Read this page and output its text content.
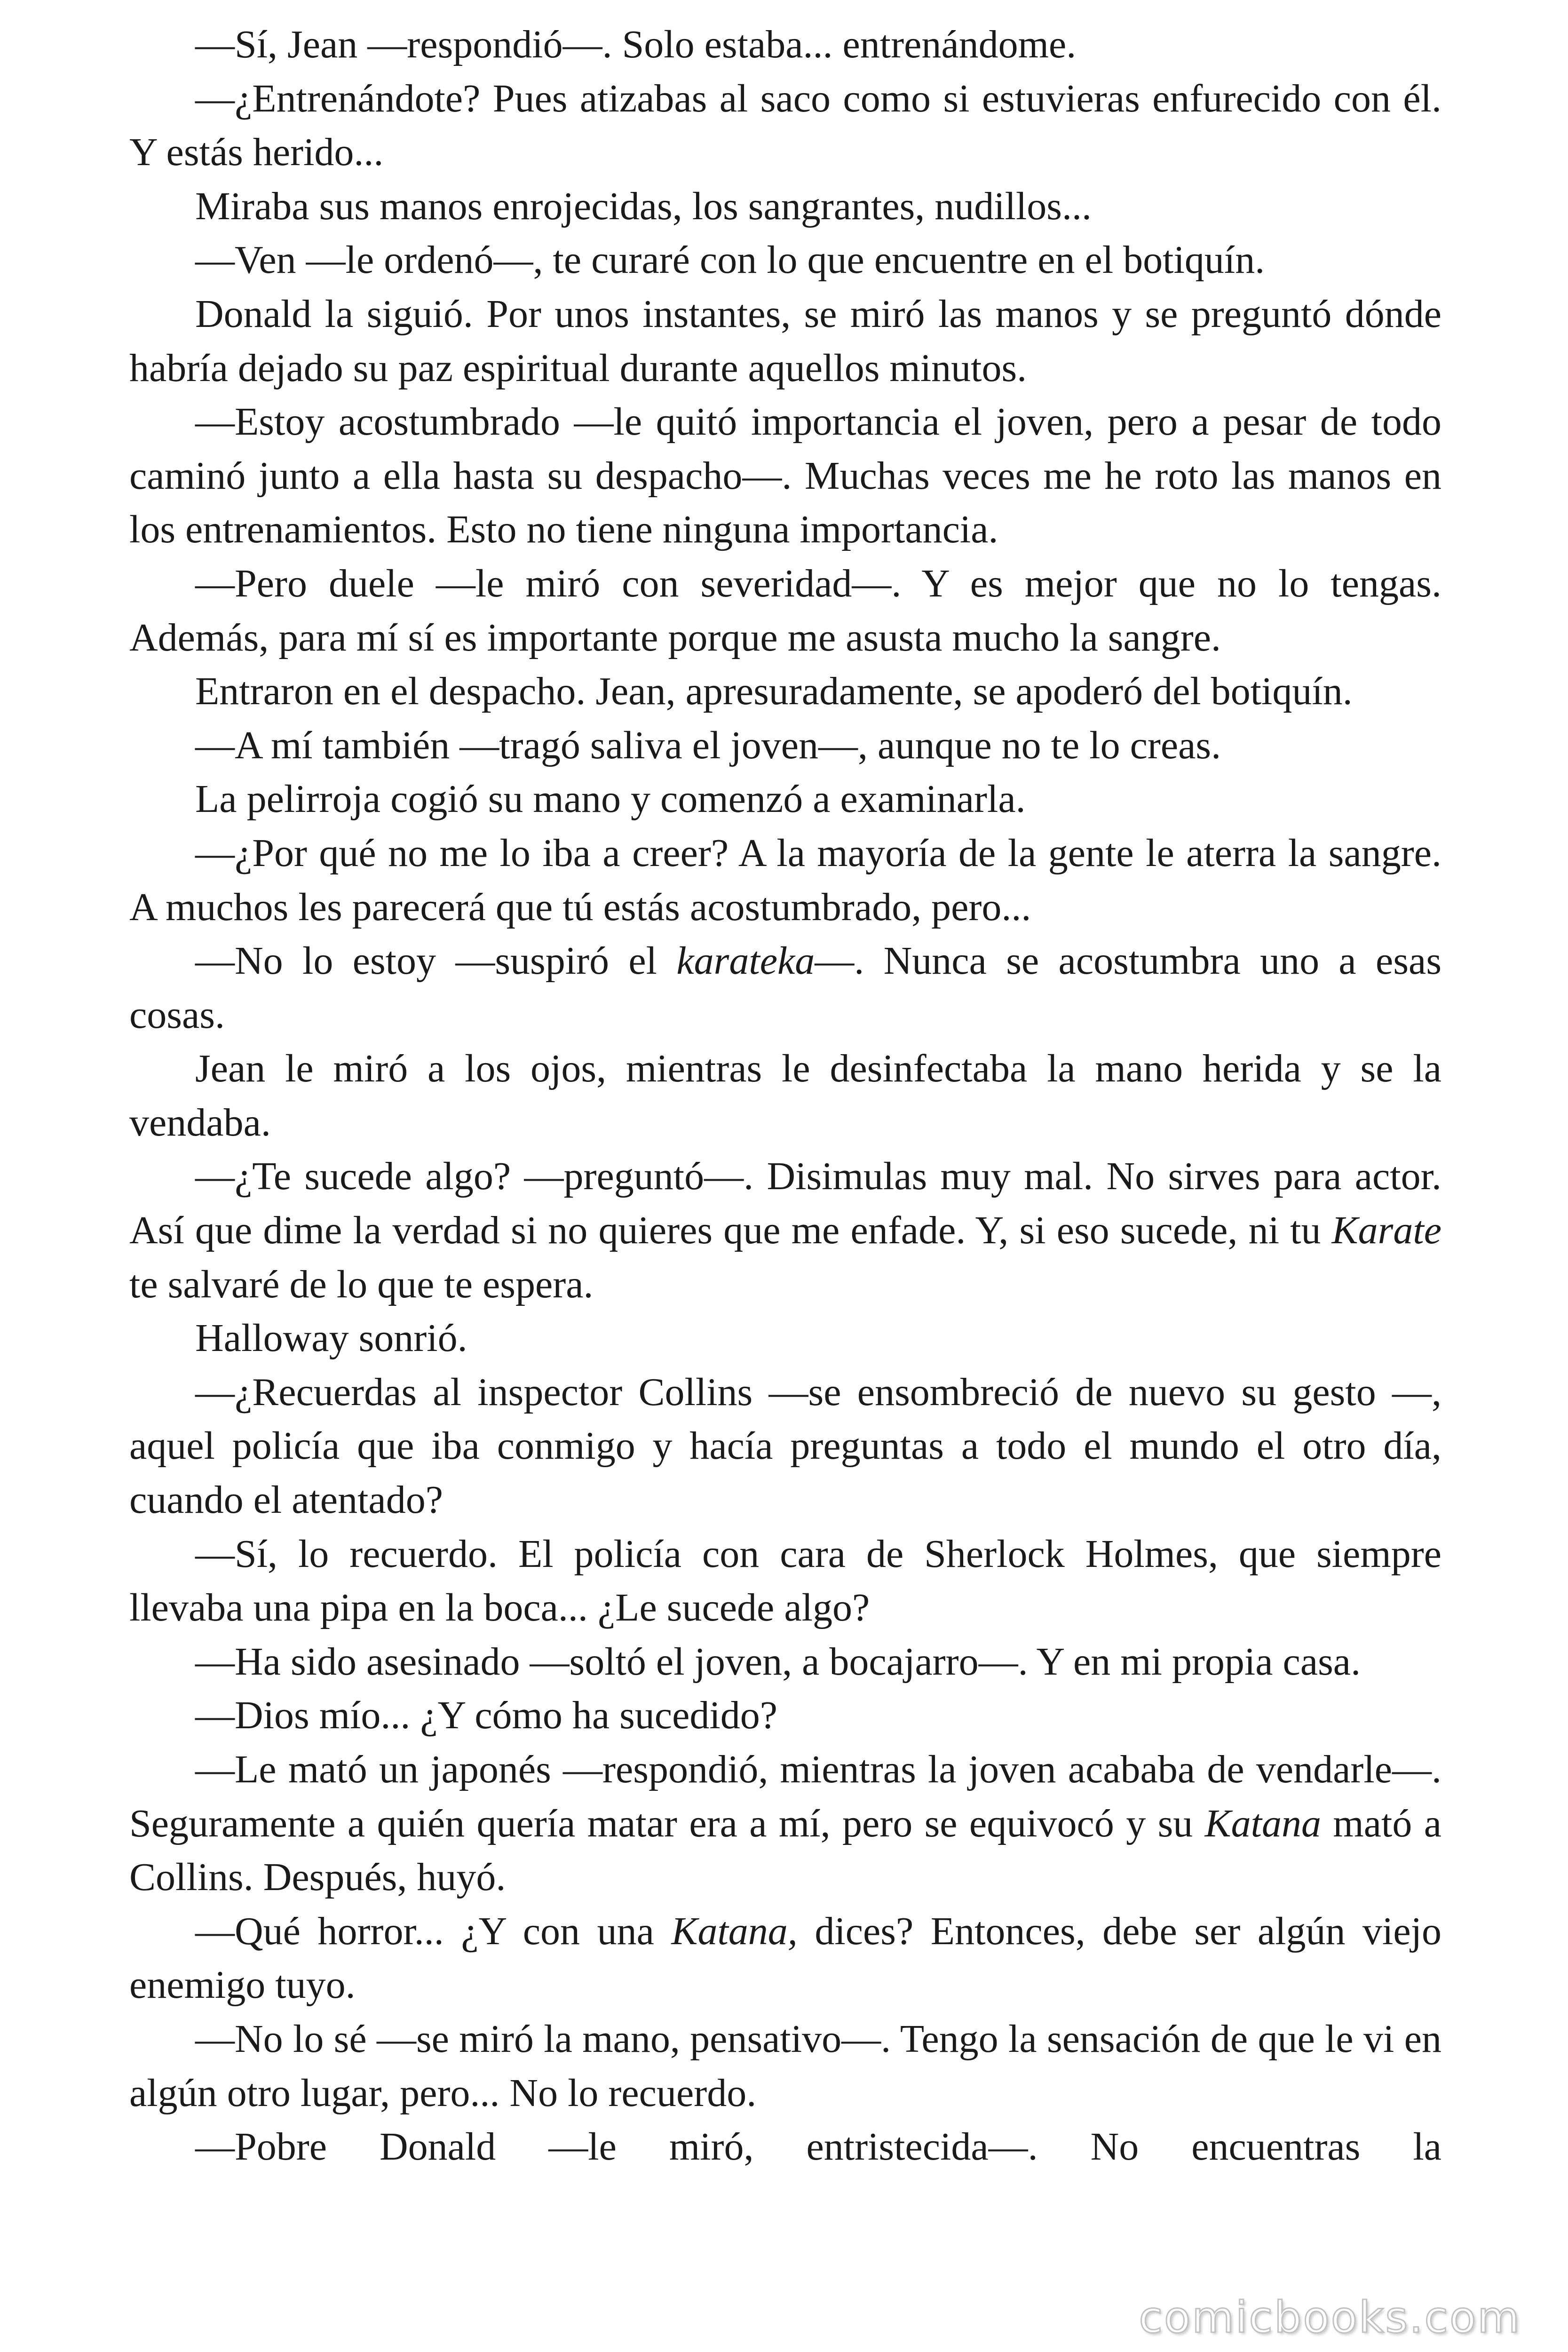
—Sí, Jean —respondió—. Solo estaba... entrenándome.

—¿Entrenándote? Pues atizabas al saco como si estuvieras enfurecido con él. Y estás herido...

Miraba sus manos enrojecidas, los sangrantes, nudillos...

—Ven —le ordenó—, te curaré con lo que encuentre en el botiquín.

Donald la siguió. Por unos instantes, se miró las manos y se preguntó dónde habría dejado su paz espiritual durante aquellos minutos.

—Estoy acostumbrado —le quitó importancia el joven, pero a pesar de todo caminó junto a ella hasta su despacho—. Muchas veces me he roto las manos en los entrenamientos. Esto no tiene ninguna importancia.

—Pero duele —le miró con severidad—. Y es mejor que no lo tengas. Además, para mí sí es importante porque me asusta mucho la sangre.

Entraron en el despacho. Jean, apresuradamente, se apoderó del botiquín.

—A mí también —tragó saliva el joven—, aunque no te lo creas.

La pelirroja cogió su mano y comenzó a examinarla.

—¿Por qué no me lo iba a creer? A la mayoría de la gente le aterra la sangre. A muchos les parecerá que tú estás acostumbrado, pero...

—No lo estoy —suspiró el karateka—. Nunca se acostumbra uno a esas cosas.

Jean le miró a los ojos, mientras le desinfectaba la mano herida y se la vendaba.

—¿Te sucede algo? —preguntó—. Disimulas muy mal. No sirves para actor. Así que dime la verdad si no quieres que me enfade. Y, si eso sucede, ni tu Karate te salvaré de lo que te espera.

Halloway sonrió.

—¿Recuerdas al inspector Collins —se ensombreció de nuevo su gesto —, aquel policía que iba conmigo y hacía preguntas a todo el mundo el otro día, cuando el atentado?

—Sí, lo recuerdo. El policía con cara de Sherlock Holmes, que siempre llevaba una pipa en la boca... ¿Le sucede algo?

—Ha sido asesinado —soltó el joven, a bocajarro—. Y en mi propia casa.

—Dios mío... ¿Y cómo ha sucedido?

—Le mató un japonés —respondió, mientras la joven acababa de vendarle—. Seguramente a quién quería matar era a mí, pero se equivocó y su Katana mató a Collins. Después, huyó.

—Qué horror... ¿Y con una Katana, dices? Entonces, debe ser algún viejo enemigo tuyo.

—No lo sé —se miró la mano, pensativo—. Tengo la sensación de que le vi en algún otro lugar, pero... No lo recuerdo.

—Pobre Donald —le miró, entristecida—. No encuentras la

comicbooks.com
